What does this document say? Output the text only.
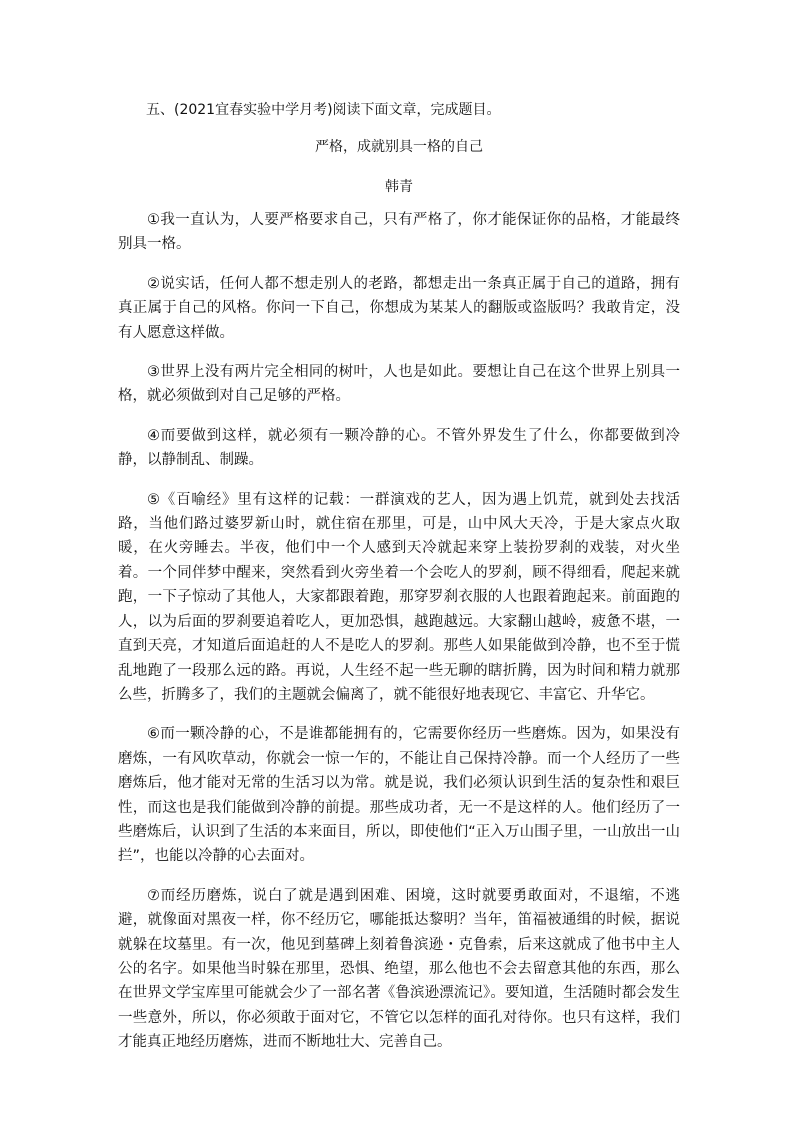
五、(2021宜春实验中学月考)阅读下面文章，完成题目。
严格，成就别具一格的自己
韩青

①我一直认为，人要严格要求自己，只有严格了，你才能保证你的品格，才能最终别具一格。

②说实话，任何人都不想走别人的老路，都想走出一条真正属于自己的道路，拥有真正属于自己的风格。你问一下自己，你想成为某某人的翻版或盗版吗？我敢肯定，没有人愿意这样做。

③世界上没有两片完全相同的树叶，人也是如此。要想让自己在这个世界上别具一格，就必须做到对自己足够的严格。

④而要做到这样，就必须有一颗冷静的心。不管外界发生了什么，你都要做到冷静，以静制乱、制躁。

⑤《百喻经》里有这样的记载：一群演戏的艺人，因为遇上饥荒，就到处去找活路，当他们路过婆罗新山时，就住宿在那里，可是，山中风大天冷，于是大家点火取暖，在火旁睡去。半夜，他们中一个人感到天冷就起来穿上装扮罗刹的戏装，对火坐着。一个同伴梦中醒来，突然看到火旁坐着一个会吃人的罗刹，顾不得细看，爬起来就跑，一下子惊动了其他人，大家都跟着跑，那穿罗刹衣服的人也跟着跑起来。前面跑的人，以为后面的罗刹要追着吃人，更加恐惧，越跑越远。大家翻山越岭，疲惫不堪，一直到天亮，才知道后面追赶的人不是吃人的罗刹。那些人如果能做到冷静，也不至于慌乱地跑了一段那么远的路。再说，人生经不起一些无聊的瞎折腾，因为时间和精力就那么些，折腾多了，我们的主题就会偏离了，就不能很好地表现它、丰富它、升华它。

⑥而一颗冷静的心，不是谁都能拥有的，它需要你经历一些磨炼。因为，如果没有磨炼，一有风吹草动，你就会一惊一乍的，不能让自己保持冷静。而一个人经历了一些磨炼后，他才能对无常的生活习以为常。就是说，我们必须认识到生活的复杂性和艰巨性，而这也是我们能做到冷静的前提。那些成功者，无一不是这样的人。他们经历了一些磨炼后，认识到了生活的本来面目，所以，即使他们“正入万山围子里，一山放出一山拦”，也能以冷静的心去面对。

⑦而经历磨炼，说白了就是遇到困难、困境，这时就要勇敢面对，不退缩，不逃避，就像面对黑夜一样，你不经历它，哪能抵达黎明？当年，笛福被通缉的时候，据说就躲在坟墓里。有一次，他见到墓碑上刻着鲁滨逊・克鲁索，后来这就成了他书中主人公的名字。如果他当时躲在那里，恐惧、绝望，那么他也不会去留意其他的东西，那么在世界文学宝库里可能就会少了一部名著《鲁滨逊漂流记》。要知道，生活随时都会发生一些意外，所以，你必须敢于面对它，不管它以怎样的面孔对待你。也只有这样，我们才能真正地经历磨炼，进而不断地壮大、完善自己。
